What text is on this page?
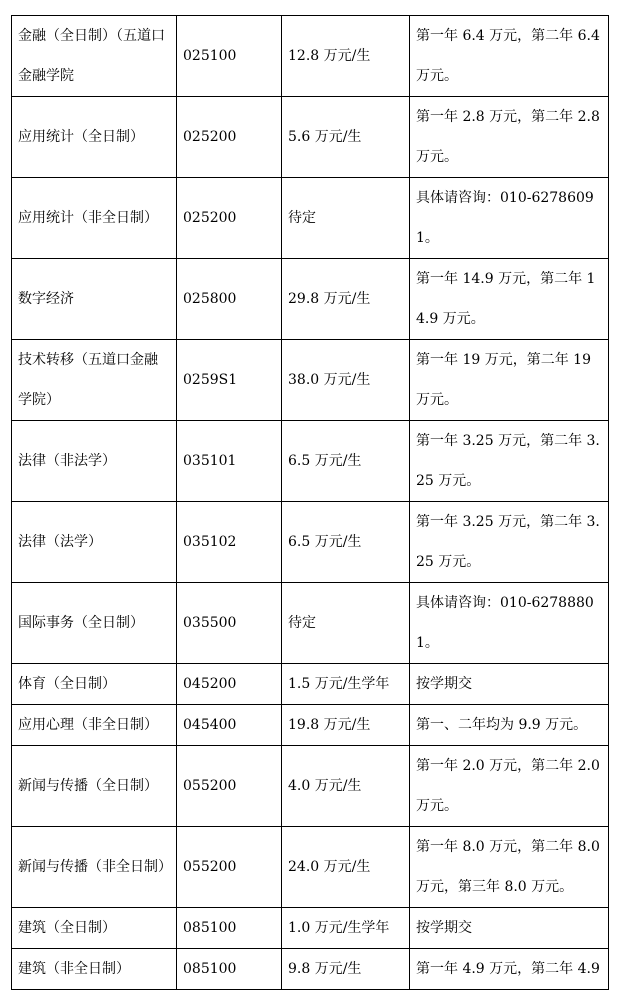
金融（全日制）（五道口金融学院	025100	12.8 万元/生	第一年 6.4 万元，第二年 6.4 万元。
应用统计（全日制）	025200	5.6 万元/生	第一年 2.8 万元，第二年 2.8 万元。
应用统计（非全日制）	025200	待定	具体请咨询：010-62786091。
数字经济	025800	29.8 万元/生	第一年 14.9 万元，第二年 14.9 万元。
技术转移（五道口金融学院）	0259S1	38.0 万元/生	第一年 19 万元，第二年 19 万元。
法律（非法学）	035101	6.5 万元/生	第一年 3.25 万元，第二年 3.25 万元。
法律（法学）	035102	6.5 万元/生	第一年 3.25 万元，第二年 3.25 万元。
国际事务（全日制）	035500	待定	具体请咨询：010-62788801。
体育（全日制）	045200	1.5 万元/生学年	按学期交
应用心理（非全日制）	045400	19.8 万元/生	第一、二年均为 9.9 万元。
新闻与传播（全日制）	055200	4.0 万元/生	第一年 2.0 万元，第二年 2.0 万元。
新闻与传播（非全日制）	055200	24.0 万元/生	第一年 8.0 万元，第二年 8.0 万元，第三年 8.0 万元。
建筑（全日制）	085100	1.0 万元/生学年	按学期交
建筑（非全日制）	085100	9.8 万元/生	第一年 4.9 万元，第二年 4.9
